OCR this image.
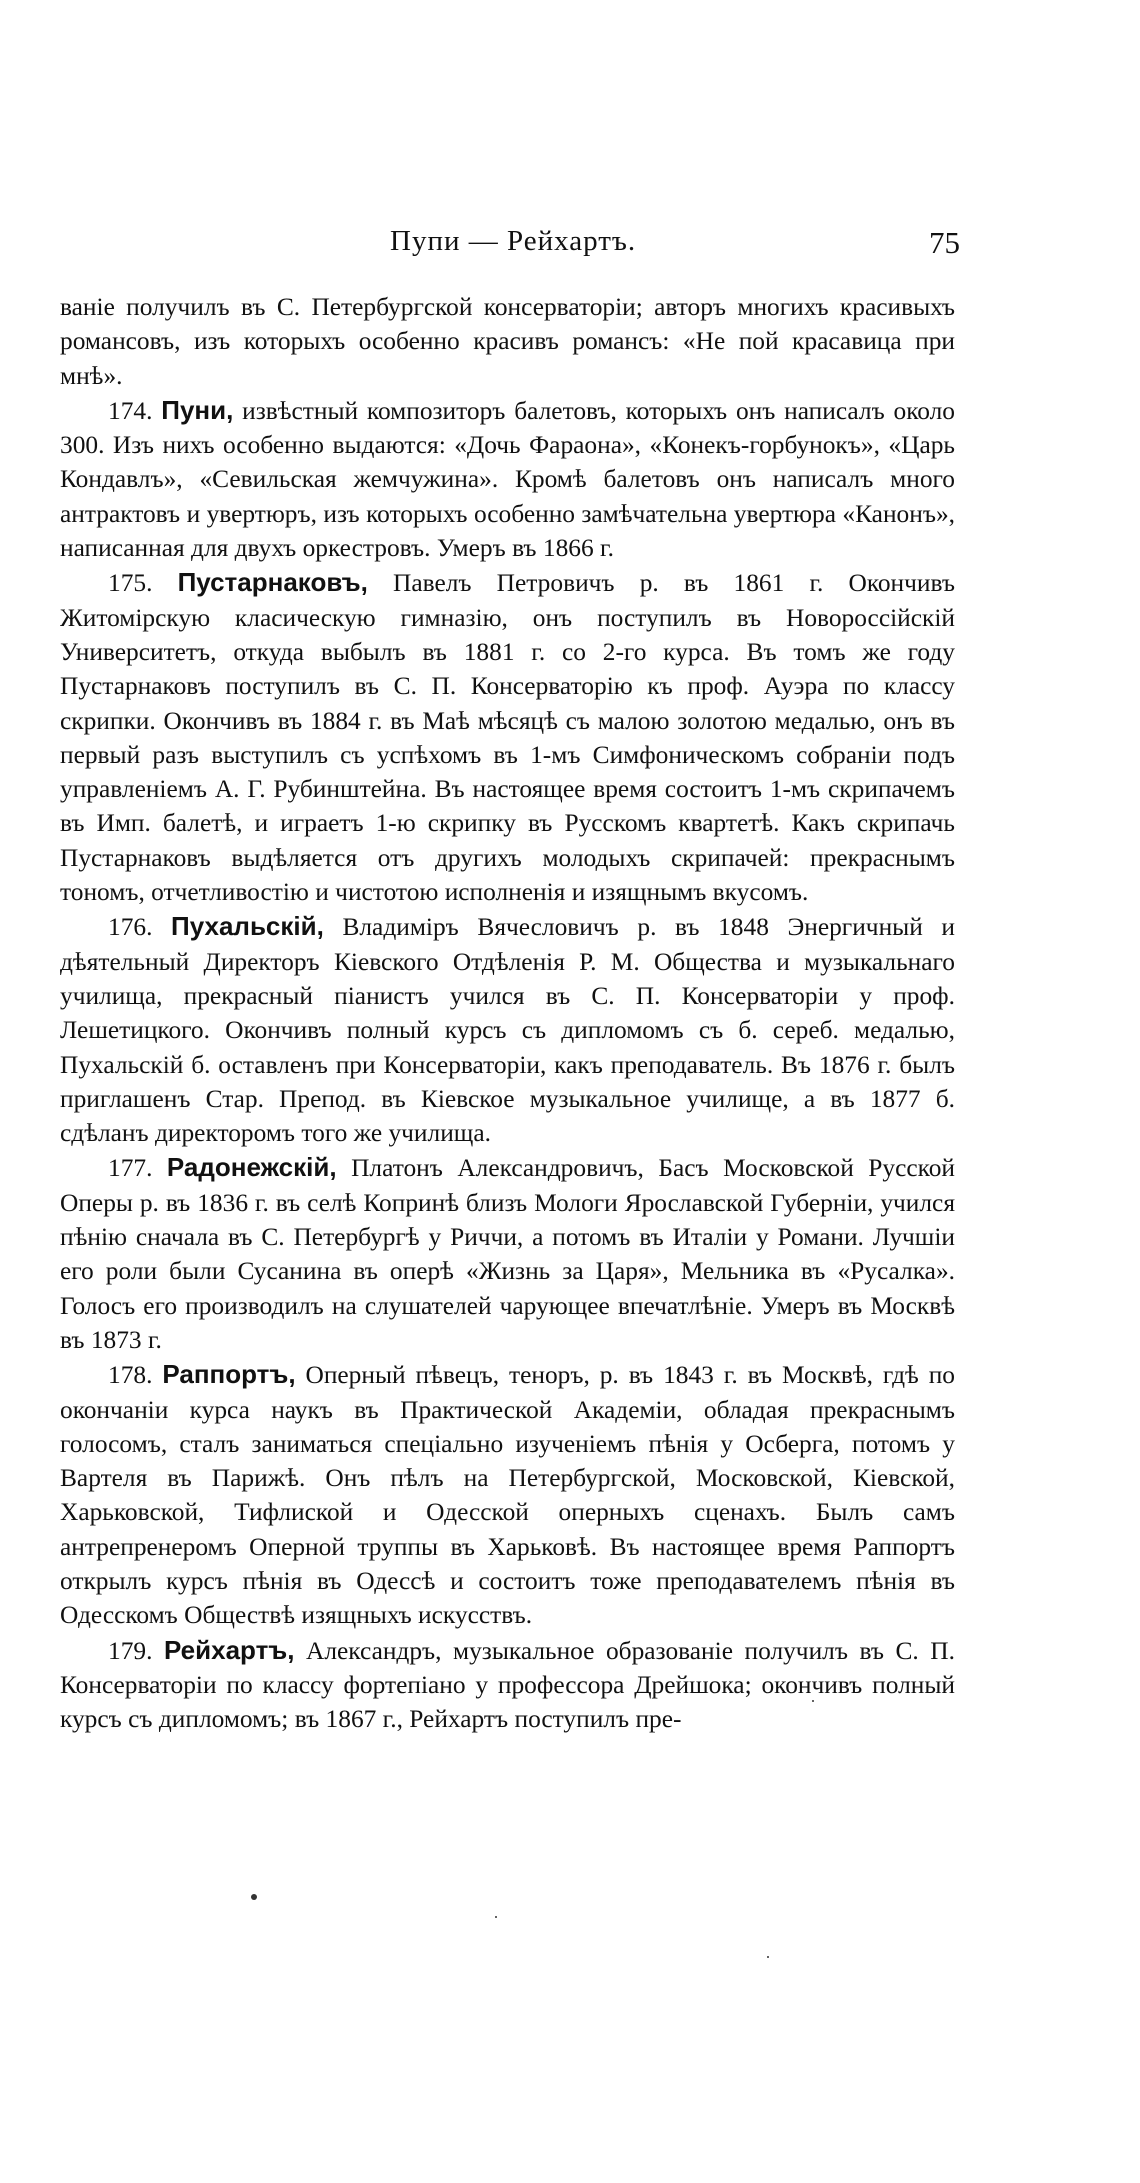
Пупи — Рейхартъ.	75

ваніе получилъ въ С. Петербургской консерваторіи; авторъ многихъ красивыхъ романсовъ, изъ которыхъ особенно красивъ романсъ: «Не пой красавица при мнѣ».

174. Пуни, извѣстный композиторъ балетовъ, которыхъ онъ написалъ около 300. Изъ нихъ особенно выдаются: «Дочь Фараона», «Конекъ-горбунокъ», «Царь Кондавлъ», «Севильская жемчужина». Кромѣ балетовъ онъ написалъ много антрактовъ и увертюръ, изъ которыхъ особенно замѣчательна увертюра «Канонъ», написанная для двухъ оркестровъ. Умеръ въ 1866 г.

175. Пустарнаковъ, Павелъ Петровичъ р. въ 1861 г. Окончивъ Житомірскую класическую гимназію, онъ поступилъ въ Новороссійскій Университетъ, откуда выбылъ въ 1881 г. со 2-го курса. Въ томъ же году Пустарнаковъ поступилъ въ С. П. Консерваторію къ проф. Ауэра по классу скрипки. Окончивъ въ 1884 г. въ Маѣ мѣсяцѣ съ малою золотою медалью, онъ въ первый разъ выступилъ съ успѣхомъ въ 1-мъ Симфоническомъ собраніи подъ управленіемъ А. Г. Рубинштейна. Въ настоящее время состоитъ 1-мъ скрипачемъ въ Имп. балетѣ, и играетъ 1-ю скрипку въ Русскомъ квартетѣ. Какъ скрипачь Пустарнаковъ выдѣляется отъ другихъ молодыхъ скрипачей: прекраснымъ тономъ, отчетливостію и чистотою исполненія и изящнымъ вкусомъ.

176. Пухальскій, Владиміръ Вячесловичъ р. въ 1848 Энергичный и дѣятельный Директоръ Кіевского Отдѣленія Р. М. Общества и музыкальнаго училища, прекрасный піанистъ учился въ С. П. Консерваторіи у проф. Лешетицкого. Окончивъ полный курсъ съ дипломомъ съ б. сереб. медалью, Пухальскій б. оставленъ при Консерваторіи, какъ преподаватель. Въ 1876 г. былъ приглашенъ Стар. Препод. въ Кіевское музыкальное училище, а въ 1877 б. сдѣланъ директоромъ того же училища.

177. Радонежскій, Платонъ Александровичъ, Басъ Московской Русской Оперы р. въ 1836 г. въ селѣ Копринѣ близъ Мологи Ярославской Губерніи, учился пѣнію сначала въ С. Петербургѣ у Риччи, а потомъ въ Италіи у Романи. Лучшіи его роли были Сусанина въ оперѣ «Жизнь за Царя», Мельника въ «Русалка». Голосъ его производилъ на слушателей чарующее впечатлѣніе. Умеръ въ Москвѣ въ 1873 г.

178. Раппортъ, Оперный пѣвецъ, теноръ, р. въ 1843 г. въ Москвѣ, гдѣ по окончаніи курса наукъ въ Практической Академіи, обладая прекраснымъ голосомъ, сталъ заниматься спеціально изученіемъ пѣнія у Осберга, потомъ у Вартеля въ Парижѣ. Онъ пѣлъ на Петербургской, Московской, Кіевской, Харьковской, Тифлиской и Одесской оперныхъ сценахъ. Былъ самъ антрепренеромъ Оперной труппы въ Харьковѣ. Въ настоящее время Раппортъ открылъ курсъ пѣнія въ Одессѣ и состоитъ тоже преподавателемъ пѣнія въ Одесскомъ Обществѣ изящныхъ искусствъ.

179. Рейхартъ, Александръ, музыкальное образованіе получилъ въ С. П. Консерваторіи по классу фортепіано у профессора Дрейшока; окончивъ полный курсъ съ дипломомъ; въ 1867 г., Рейхартъ поступилъ пре-
